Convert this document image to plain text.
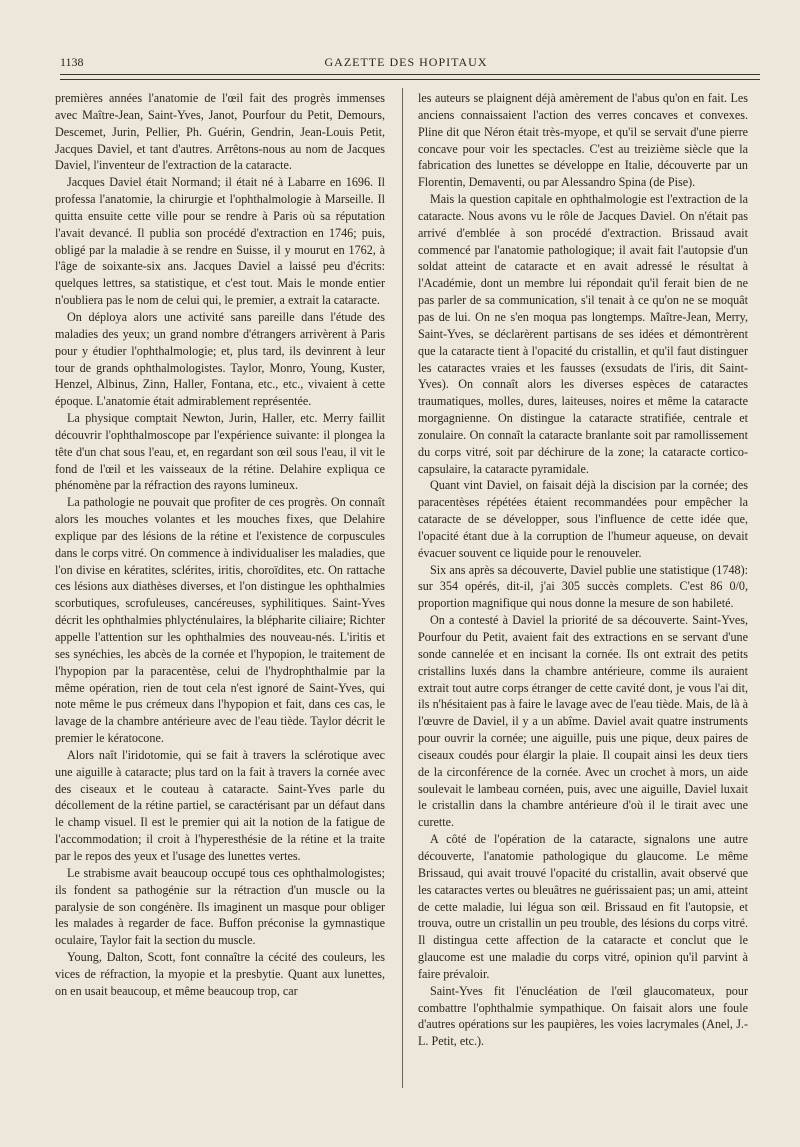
1138	GAZETTE DES HOPITAUX

premières années l'anatomie de l'œil fait des progrès immenses avec Maître-Jean, Saint-Yves, Janot, Pourfour du Petit, Demours, Descemet, Jurin, Pellier, Ph. Guérin, Gendrin, Jean-Louis Petit, Jacques Daviel, et tant d'autres. Arrêtons-nous au nom de Jacques Daviel, l'inventeur de l'extraction de la cataracte.

Jacques Daviel était Normand; il était né à Labarre en 1696. Il professa l'anatomie, la chirurgie et l'ophthalmologie à Marseille. Il quitta ensuite cette ville pour se rendre à Paris où sa réputation l'avait devancé. Il publia son procédé d'extraction en 1746; puis, obligé par la maladie à se rendre en Suisse, il y mourut en 1762, à l'âge de soixante-six ans. Jacques Daviel a laissé peu d'écrits: quelques lettres, sa statistique, et c'est tout. Mais le monde entier n'oubliera pas le nom de celui qui, le premier, a extrait la cataracte.

On déploya alors une activité sans pareille dans l'étude des maladies des yeux; un grand nombre d'étrangers arrivèrent à Paris pour y étudier l'ophthalmologie; et, plus tard, ils devinrent à leur tour de grands ophthalmologistes. Taylor, Monro, Young, Kuster, Henzel, Albinus, Zinn, Haller, Fontana, etc., etc., vivaient à cette époque. L'anatomie était admirablement représentée.

La physique comptait Newton, Jurin, Haller, etc. Merry faillit découvrir l'ophthalmoscope par l'expérience suivante: il plongea la tête d'un chat sous l'eau, et, en regardant son œil sous l'eau, il vit le fond de l'œil et les vaisseaux de la rétine. Delahire expliqua ce phénomène par la réfraction des rayons lumineux.

La pathologie ne pouvait que profiter de ces progrès. On connaît alors les mouches volantes et les mouches fixes, que Delahire explique par des lésions de la rétine et l'existence de corpuscules dans le corps vitré. On commence à individualiser les maladies, que l'on divise en kératites, sclérites, iritis, choroïdites, etc. On rattache ces lésions aux diathèses diverses, et l'on distingue les ophthalmies scorbutiques, scrofuleuses, cancéreuses, syphilitiques. Saint-Yves décrit les ophthalmies phlycténulaires, la blépharite ciliaire; Richter appelle l'attention sur les ophthalmies des nouveau-nés. L'iritis et ses synéchies, les abcès de la cornée et l'hypopion, le traitement de l'hypopion par la paracentèse, celui de l'hydrophthalmie par la même opération, rien de tout cela n'est ignoré de Saint-Yves, qui note même le pus crémeux dans l'hypopion et fait, dans ces cas, le lavage de la chambre antérieure avec de l'eau tiède. Taylor décrit le premier le kératocone.

Alors naît l'iridotomie, qui se fait à travers la sclérotique avec une aiguille à cataracte; plus tard on la fait à travers la cornée avec des ciseaux et le couteau à cataracte. Saint-Yves parle du décollement de la rétine partiel, se caractérisant par un défaut dans le champ visuel. Il est le premier qui ait la notion de la fatigue de l'accommodation; il croit à l'hyperesthésie de la rétine et la traite par le repos des yeux et l'usage des lunettes vertes.

Le strabisme avait beaucoup occupé tous ces ophthalmologistes; ils fondent sa pathogénie sur la rétraction d'un muscle ou la paralysie de son congénère. Ils imaginent un masque pour obliger les malades à regarder de face. Buffon préconise la gymnastique oculaire, Taylor fait la section du muscle.

Young, Dalton, Scott, font connaître la cécité des couleurs, les vices de réfraction, la myopie et la presbytie. Quant aux lunettes, on en usait beaucoup, et même beaucoup trop, car

les auteurs se plaignent déjà amèrement de l'abus qu'on en fait. Les anciens connaissaient l'action des verres concaves et convexes. Pline dit que Néron était très-myope, et qu'il se servait d'une pierre concave pour voir les spectacles. C'est au treizième siècle que la fabrication des lunettes se développe en Italie, découverte par un Florentin, Demaventi, ou par Alessandro Spina (de Pise).

Mais la question capitale en ophthalmologie est l'extraction de la cataracte. Nous avons vu le rôle de Jacques Daviel. On n'était pas arrivé d'emblée à son procédé d'extraction. Brissaud avait commencé par l'anatomie pathologique; il avait fait l'autopsie d'un soldat atteint de cataracte et en avait adressé le résultat à l'Académie, dont un membre lui répondait qu'il ferait bien de ne pas parler de sa communication, s'il tenait à ce qu'on ne se moquât pas de lui. On ne s'en moqua pas longtemps. Maître-Jean, Merry, Saint-Yves, se déclarèrent partisans de ses idées et démontrèrent que la cataracte tient à l'opacité du cristallin, et qu'il faut distinguer les cataractes vraies et les fausses (exsudats de l'iris, dit Saint-Yves). On connaît alors les diverses espèces de cataractes traumatiques, molles, dures, laiteuses, noires et même la cataracte morgagnienne. On distingue la cataracte stratifiée, centrale et zonulaire. On connaît la cataracte branlante soit par ramollissement du corps vitré, soit par déchirure de la zone; la cataracte cortico-capsulaire, la cataracte pyramidale.

Quant vint Daviel, on faisait déjà la discision par la cornée; des paracentèses répétées étaient recommandées pour empêcher la cataracte de se développer, sous l'influence de cette idée que, l'opacité étant due à la corruption de l'humeur aqueuse, on devait évacuer souvent ce liquide pour le renouveler.

Six ans après sa découverte, Daviel publie une statistique (1748): sur 354 opérés, dit-il, j'ai 305 succès complets. C'est 86 0/0, proportion magnifique qui nous donne la mesure de son habileté.

On a contesté à Daviel la priorité de sa découverte. Saint-Yves, Pourfour du Petit, avaient fait des extractions en se servant d'une sonde cannelée et en incisant la cornée. Ils ont extrait des petits cristallins luxés dans la chambre antérieure, comme ils auraient extrait tout autre corps étranger de cette cavité dont, je vous l'ai dit, ils n'hésitaient pas à faire le lavage avec de l'eau tiède. Mais, de là à l'œuvre de Daviel, il y a un abîme. Daviel avait quatre instruments pour ouvrir la cornée; une aiguille, puis une pique, deux paires de ciseaux coudés pour élargir la plaie. Il coupait ainsi les deux tiers de la circonférence de la cornée. Avec un crochet à mors, un aide soulevait le lambeau cornéen, puis, avec une aiguille, Daviel luxait le cristallin dans la chambre antérieure d'où il le tirait avec une curette.

A côté de l'opération de la cataracte, signalons une autre découverte, l'anatomie pathologique du glaucome. Le même Brissaud, qui avait trouvé l'opacité du cristallin, avait observé que les cataractes vertes ou bleuâtres ne guérissaient pas; un ami, atteint de cette maladie, lui légua son œil. Brissaud en fit l'autopsie, et trouva, outre un cristallin un peu trouble, des lésions du corps vitré. Il distingua cette affection de la cataracte et conclut que le glaucome est une maladie du corps vitré, opinion qu'il parvint à faire prévaloir.

Saint-Yves fit l'énucléation de l'œil glaucomateux, pour combattre l'ophthalmie sympathique. On faisait alors une foule d'autres opérations sur les paupières, les voies lacrymales (Anel, J.-L. Petit, etc.).
